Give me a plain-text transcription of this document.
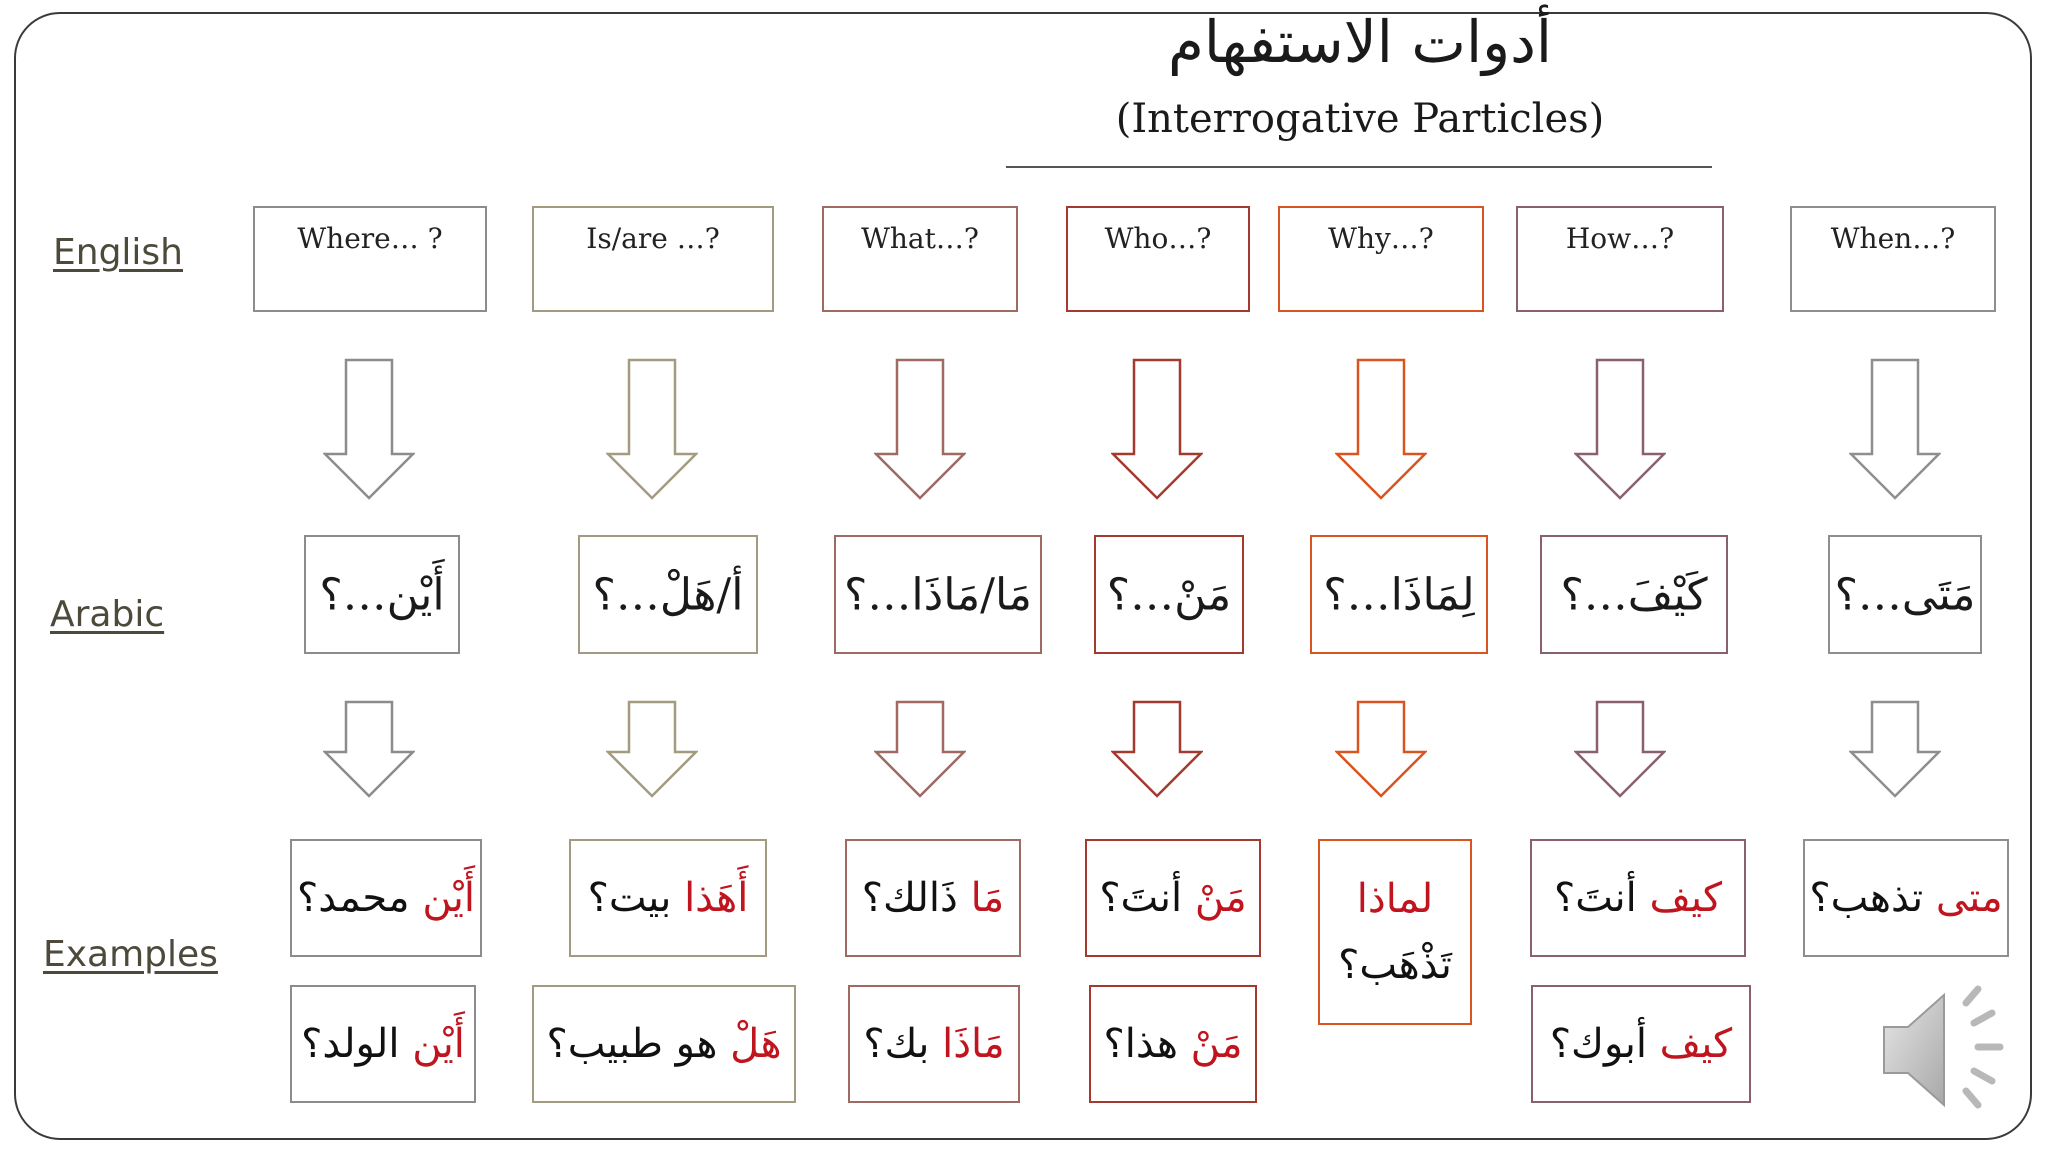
أدوات الاستفهام
(Interrogative Particles)
English
Arabic
Examples
Where… ?
أَيْن…؟
أَيْن محمد؟
أَيْن الولد؟
Is/are …?
أ/هَلْ…؟
أَهَذا بيت؟
هَلْ هو طبيب؟
What…?
مَا/مَاذَا…؟
مَا ذَالك؟
مَاذَا بك؟
Who…?
مَنْ…؟
مَنْ أنتَ؟
مَنْ هذا؟
Why…?
لِمَاذَا…؟
لماذا
تَذْهَب؟
How…?
كَيْفَ…؟
كيف أنتَ؟
كيف أبوك؟
When…?
مَتَى…؟
متى تذهب؟
